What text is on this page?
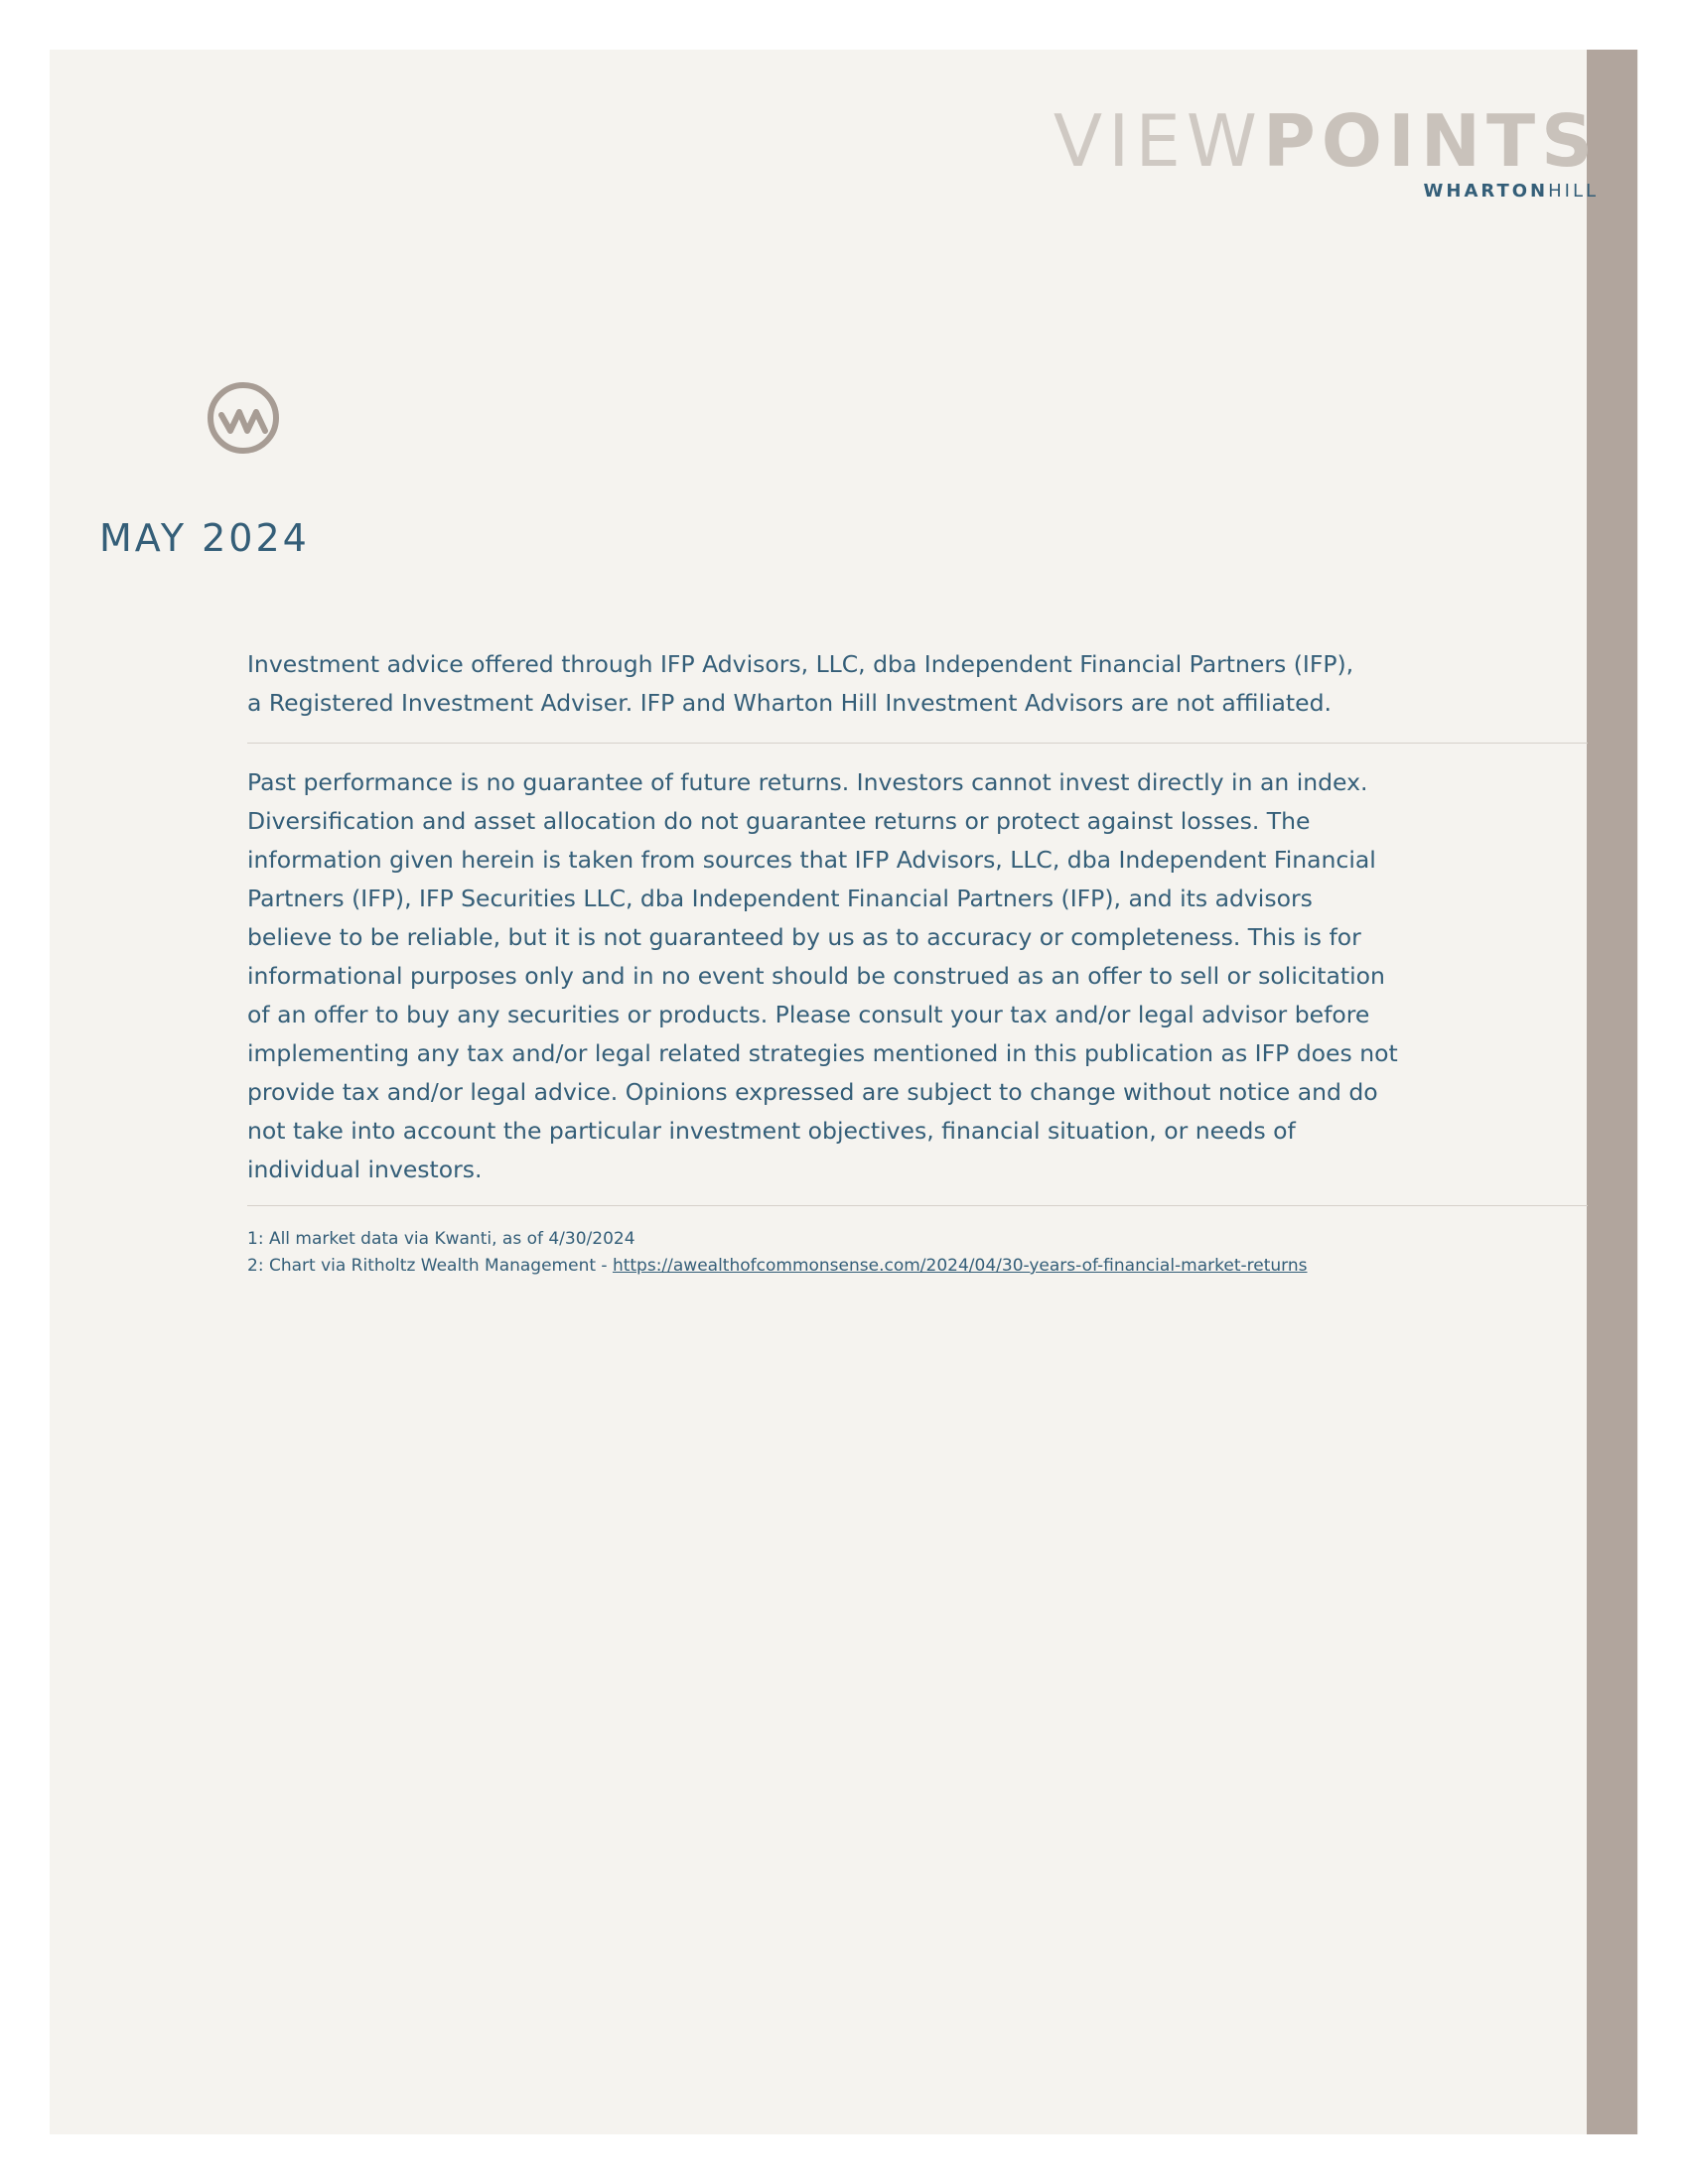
VIEWPOINTS
WHARTONHILL
MAY 2024

Investment advice offered through IFP Advisors, LLC, dba Independent Financial Partners (IFP),
a Registered Investment Adviser. IFP and Wharton Hill Investment Advisors are not affiliated.

Past performance is no guarantee of future returns. Investors cannot invest directly in an index. Diversification and asset allocation do not guarantee returns or protect against losses. The information given herein is taken from sources that IFP Advisors, LLC, dba Independent Financial Partners (IFP), IFP Securities LLC, dba Independent Financial Partners (IFP), and its advisors believe to be reliable, but it is not guaranteed by us as to accuracy or completeness. This is for informational purposes only and in no event should be construed as an offer to sell or solicitation of an offer to buy any securities or products. Please consult your tax and/or legal advisor before implementing any tax and/or legal related strategies mentioned in this publication as IFP does not provide tax and/or legal advice. Opinions expressed are subject to change without notice and do not take into account the particular investment objectives, financial situation, or needs of individual investors.

1: All market data via Kwanti, as of 4/30/2024
2: Chart via Ritholtz Wealth Management - https://awealthofcommonsense.com/2024/04/30-years-of-financial-market-returns
